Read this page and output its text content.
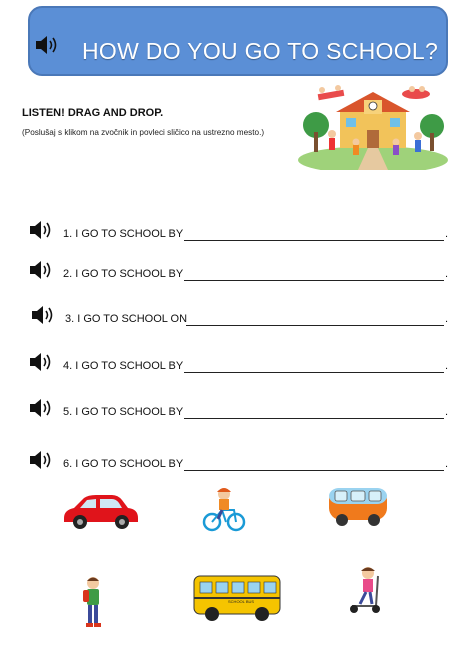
HOW DO YOU GO TO SCHOOL?
LISTEN! DRAG AND DROP.
(Poslušaj s klikom na zvočnik in povleci sličico na ustrezno mesto.)
1. I GO TO SCHOOL BY	.
2. I GO TO SCHOOL BY	.
3. I GO TO SCHOOL ON	.
4. I GO TO SCHOOL BY	.
5. I GO TO SCHOOL BY	.
6. I GO TO SCHOOL BY	.
SCHOOL BUS
